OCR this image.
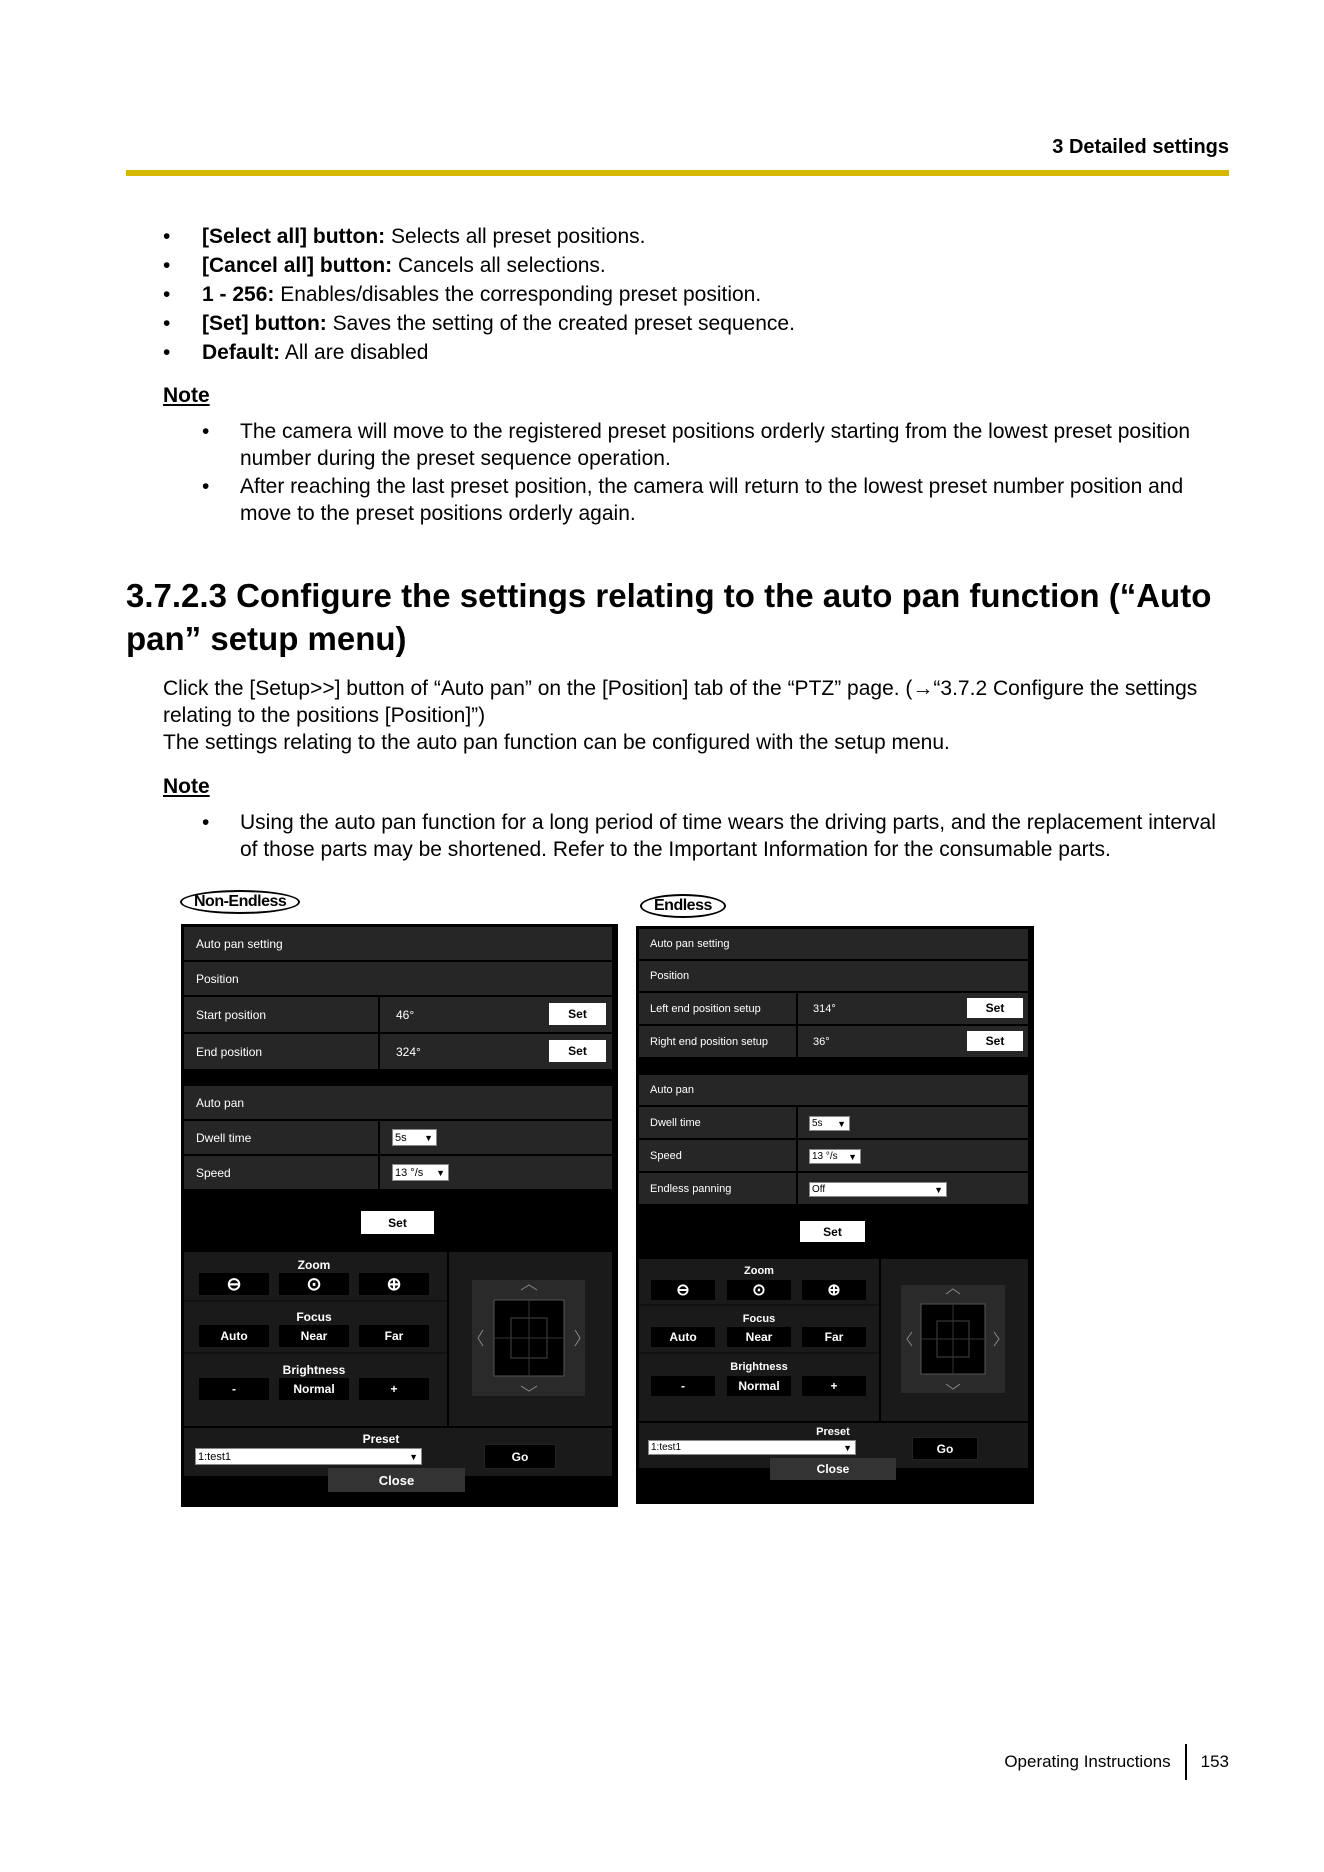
3 Detailed settings
• [Select all] button: Selects all preset positions.
• [Cancel all] button: Cancels all selections.
• 1 - 256: Enables/disables the corresponding preset position.
• [Set] button: Saves the setting of the created preset sequence.
• Default: All are disabled
Note
• The camera will move to the registered preset positions orderly starting from the lowest preset position number during the preset sequence operation.
• After reaching the last preset position, the camera will return to the lowest preset number position and move to the preset positions orderly again.
3.7.2.3 Configure the settings relating to the auto pan function (“Auto pan” setup menu)
Click the [Setup>>] button of “Auto pan” on the [Position] tab of the “PTZ” page. (→“3.7.2 Configure the settings relating to the positions [Position]”)
The settings relating to the auto pan function can be configured with the setup menu.
Note
• Using the auto pan function for a long period of time wears the driving parts, and the replacement interval of those parts may be shortened. Refer to the Important Information for the consumable parts.
Non-Endless
Auto pan setting
Position
Start position	46°	Set
End position	324°	Set
Auto pan
Dwell time	5s ▼
Speed	13 °/s ▼
Set
Zoom
⊖	⊙	⊕
Focus
Auto	Near	Far
Brightness
-	Normal	+
Preset
1:test1	▼	Go
Close
Endless
Auto pan setting
Position
Left end position setup	314°	Set
Right end position setup	36°	Set
Auto pan
Dwell time	5s ▼
Speed	13 °/s ▼
Endless panning	Off	▼
Set
Zoom
⊖	⊙	⊕
Focus
Auto	Near	Far
Brightness
-	Normal	+
Preset
1:test1	▼	Go
Close
Operating Instructions 153
